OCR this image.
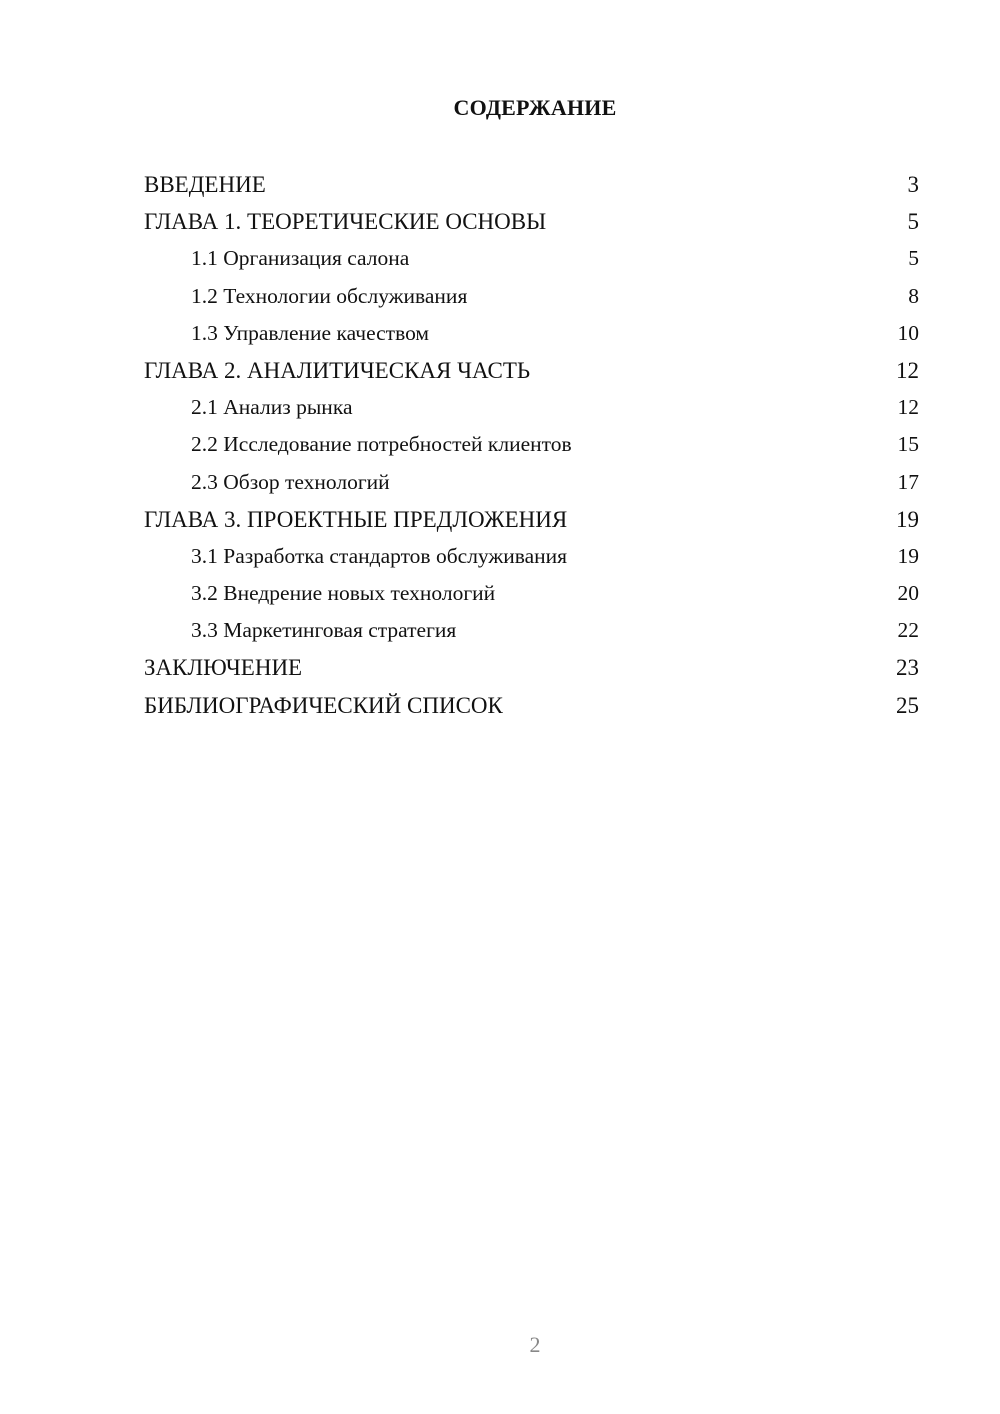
СОДЕРЖАНИЕ
ВВЕДЕНИЕ	3
ГЛАВА 1. ТЕОРЕТИЧЕСКИЕ ОСНОВЫ	5
1.1 Организация салона	5
1.2 Технологии обслуживания	8
1.3 Управление качеством	10
ГЛАВА 2. АНАЛИТИЧЕСКАЯ ЧАСТЬ	12
2.1 Анализ рынка	12
2.2 Исследование потребностей клиентов	15
2.3 Обзор технологий	17
ГЛАВА 3. ПРОЕКТНЫЕ ПРЕДЛОЖЕНИЯ	19
3.1 Разработка стандартов обслуживания	19
3.2 Внедрение новых технологий	20
3.3 Маркетинговая стратегия	22
ЗАКЛЮЧЕНИЕ	23
БИБЛИОГРАФИЧЕСКИЙ СПИСОК	25
2
